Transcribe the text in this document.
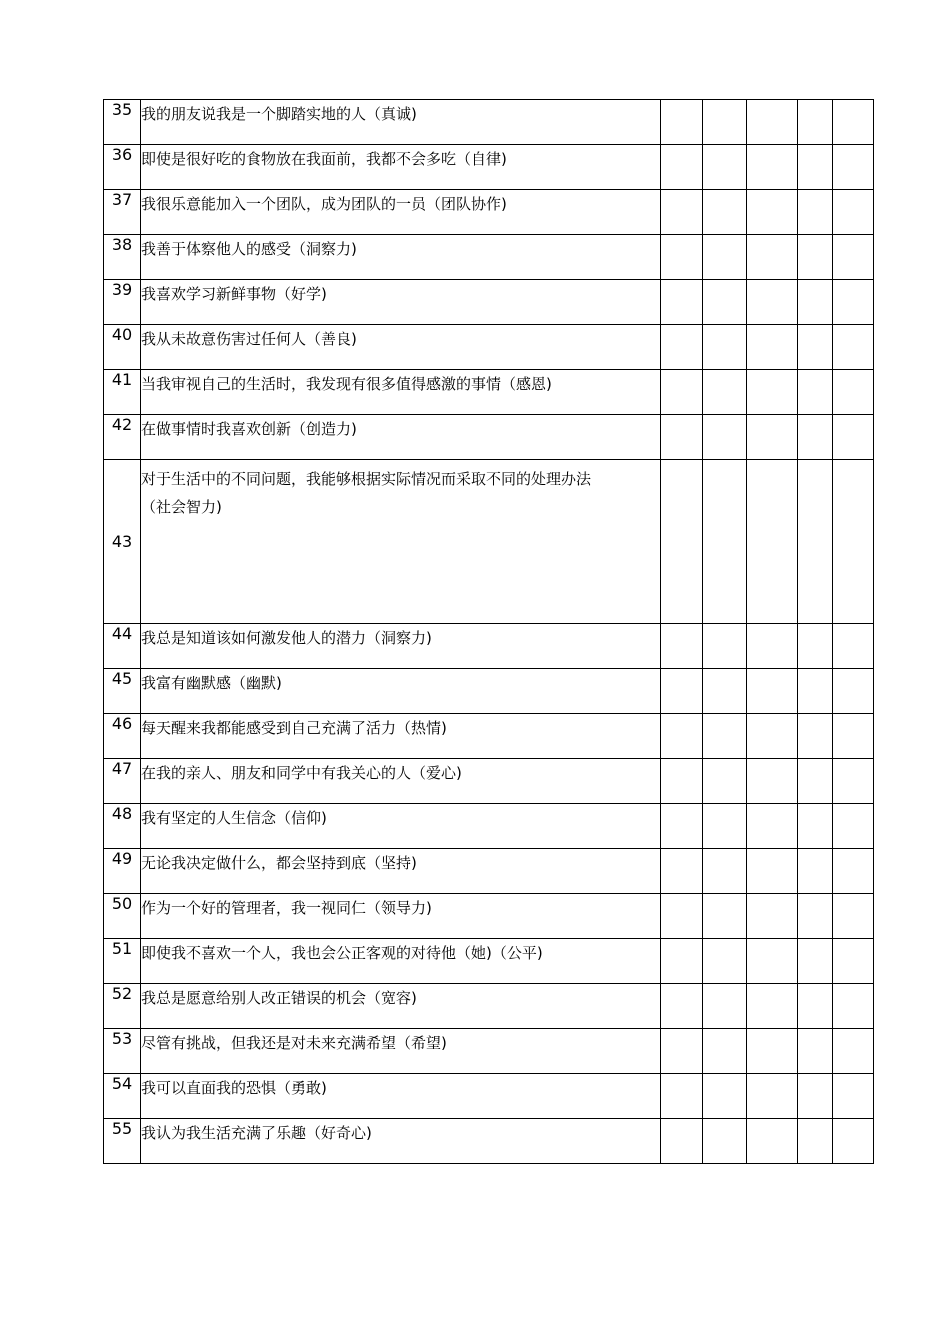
35	我的朋友说我是一个脚踏实地的人（真诚)					
36	即使是很好吃的食物放在我面前，我都不会多吃（自律)					
37	我很乐意能加入一个团队，成为团队的一员（团队协作)					
38	我善于体察他人的感受（洞察力)					
39	我喜欢学习新鲜事物（好学)					
40	我从未故意伤害过任何人（善良)					
41	当我审视自己的生活时，我发现有很多值得感激的事情（感恩)					
42	在做事情时我喜欢创新（创造力)					
43	对于生活中的不同问题，我能够根据实际情况而采取不同的处理办法
（社会智力)					
44	我总是知道该如何激发他人的潜力（洞察力)					
45	我富有幽默感（幽默)					
46	每天醒来我都能感受到自己充满了活力（热情)					
47	在我的亲人、朋友和同学中有我关心的人（爱心)					
48	我有坚定的人生信念（信仰)					
49	无论我决定做什么，都会坚持到底（坚持)					
50	作为一个好的管理者，我一视同仁（领导力)					
51	即使我不喜欢一个人，我也会公正客观的对待他（她)（公平)					
52	我总是愿意给别人改正错误的机会（宽容)					
53	尽管有挑战，但我还是对未来充满希望（希望)					
54	我可以直面我的恐惧（勇敢)					
55	我认为我生活充满了乐趣（好奇心)					
